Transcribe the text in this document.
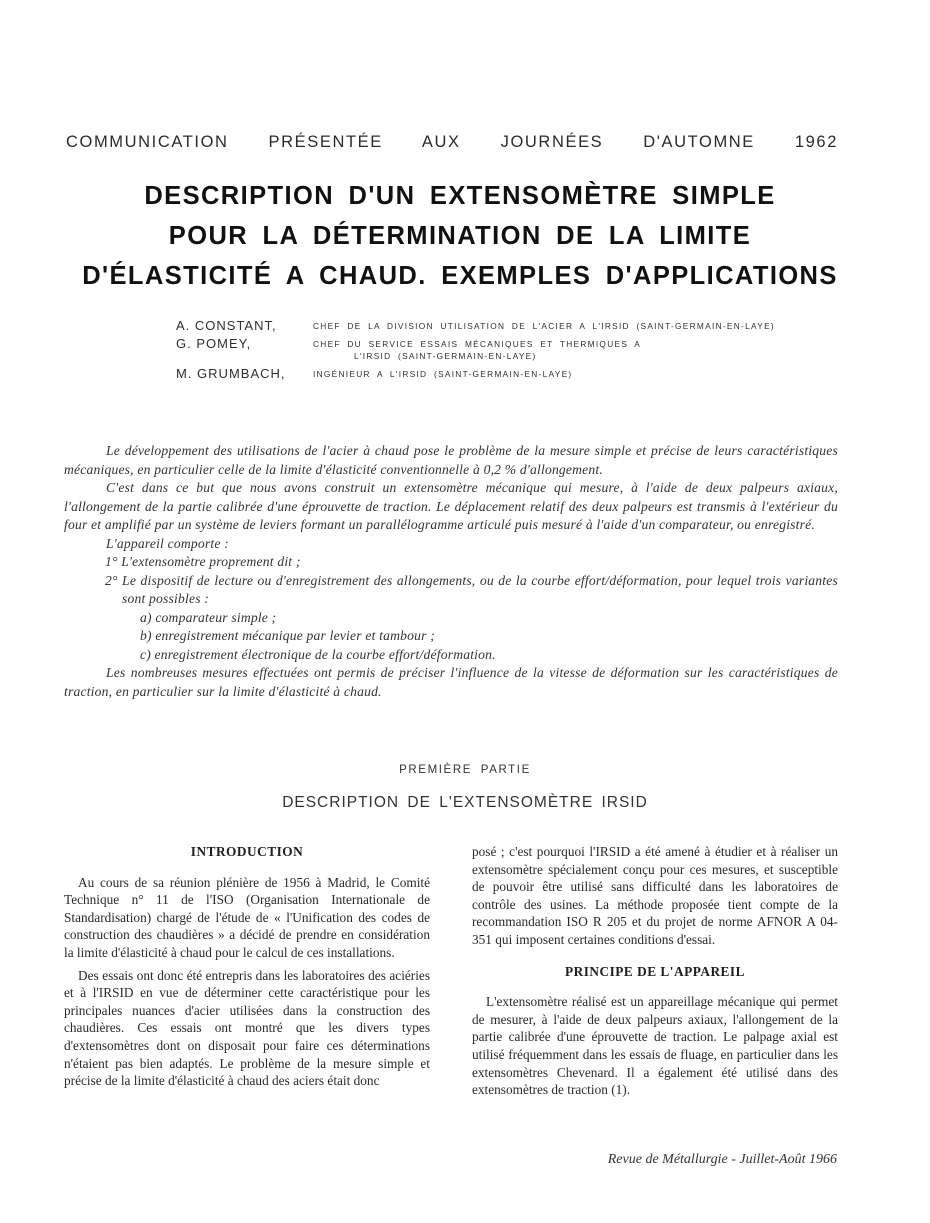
COMMUNICATION PRÉSENTÉE AUX JOURNÉES D'AUTOMNE 1962
DESCRIPTION D'UN EXTENSOMÈTRE SIMPLE
POUR LA DÉTERMINATION DE LA LIMITE
D'ÉLASTICITÉ A CHAUD. EXEMPLES D'APPLICATIONS
A. CONSTANT,	CHEF DE LA DIVISION UTILISATION DE L'ACIER A L'IRSID (SAINT-GERMAIN-EN-LAYE)
G. POMEY,	CHEF DU SERVICE ESSAIS MÉCANIQUES ET THERMIQUES A
L'IRSID (SAINT-GERMAIN-EN-LAYE)
M. GRUMBACH,	INGÉNIEUR A L'IRSID (SAINT-GERMAIN-EN-LAYE)

Le développement des utilisations de l'acier à chaud pose le problème de la mesure simple et précise de leurs caractéristiques mécaniques, en particulier celle de la limite d'élasticité conventionnelle à 0,2 % d'allongement.

C'est dans ce but que nous avons construit un extensomètre mécanique qui mesure, à l'aide de deux palpeurs axiaux, l'allongement de la partie calibrée d'une éprouvette de traction. Le déplacement relatif des deux palpeurs est transmis à l'extérieur du four et amplifié par un système de leviers formant un parallélogramme articulé puis mesuré à l'aide d'un comparateur, ou enregistré.

L'appareil comporte :

1° L'extensomètre proprement dit ;

2° Le dispositif de lecture ou d'enregistrement des allongements, ou de la courbe effort/déformation, pour lequel trois variantes sont possibles :

a) comparateur simple ;

b) enregistrement mécanique par levier et tambour ;

c) enregistrement électronique de la courbe effort/déformation.

Les nombreuses mesures effectuées ont permis de préciser l'influence de la vitesse de déformation sur les caractéristiques de traction, en particulier sur la limite d'élasticité à chaud.

PREMIÈRE PARTIE
DESCRIPTION DE L'EXTENSOMÈTRE IRSID
INTRODUCTION

Au cours de sa réunion plénière de 1956 à Madrid, le Comité Technique n° 11 de l'ISO (Organisation Internationale de Standardisation) chargé de l'étude de « l'Unification des codes de construction des chaudières » a décidé de prendre en considération la limite d'élasticité à chaud pour le calcul de ces installations.

Des essais ont donc été entrepris dans les laboratoires des aciéries et à l'IRSID en vue de déterminer cette caractéristique pour les principales nuances d'acier utilisées dans la construction des chaudières. Ces essais ont montré que les divers types d'extensomètres dont on disposait pour faire ces déterminations n'étaient pas bien adaptés. Le problème de la mesure simple et précise de la limite d'élasticité à chaud des aciers était donc

posé ; c'est pourquoi l'IRSID a été amené à étudier et à réaliser un extensomètre spécialement conçu pour ces mesures, et susceptible de pouvoir être utilisé sans difficulté dans les laboratoires de contrôle des usines. La méthode proposée tient compte de la recommandation ISO R 205 et du projet de norme AFNOR A 04-351 qui imposent certaines conditions d'essai.

PRINCIPE DE L'APPAREIL

L'extensomètre réalisé est un appareillage mécanique qui permet de mesurer, à l'aide de deux palpeurs axiaux, l'allongement de la partie calibrée d'une éprouvette de traction. Le palpage axial est utilisé fréquemment dans les essais de fluage, en particulier dans les extensomètres Chevenard. Il a également été utilisé dans des extensomètres de traction (1).

Revue de Métallurgie - Juillet-Août 1966
